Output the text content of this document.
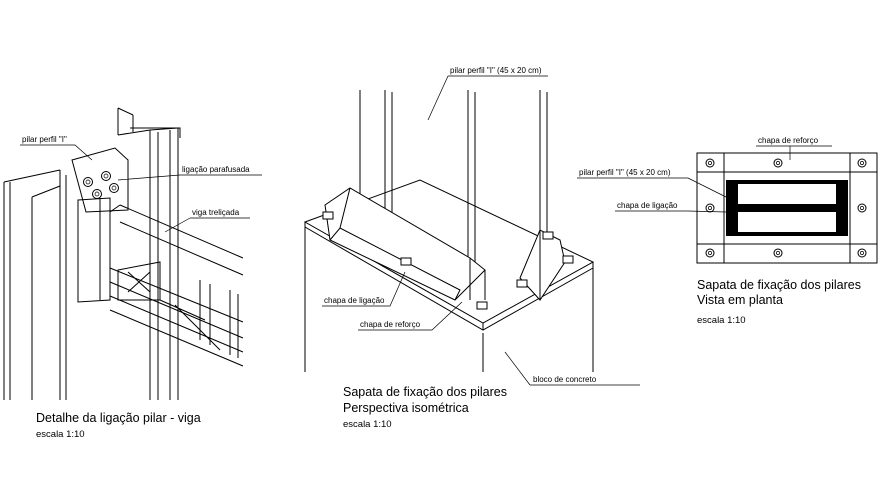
pilar perfil "I"
ligação parafusada
viga treliçada
Detalhe da ligação pilar - viga
escala 1:10
pilar perfil "I" (45 x 20 cm)
chapa de ligação
chapa de reforço
bloco de concreto
Sapata de fixação dos pilares
Perspectiva isométrica
escala 1:10
chapa de reforço
pilar perfil "I" (45 x 20 cm)
chapa de ligação
Sapata de fixação dos pilares
Vista em planta
escala 1:10
